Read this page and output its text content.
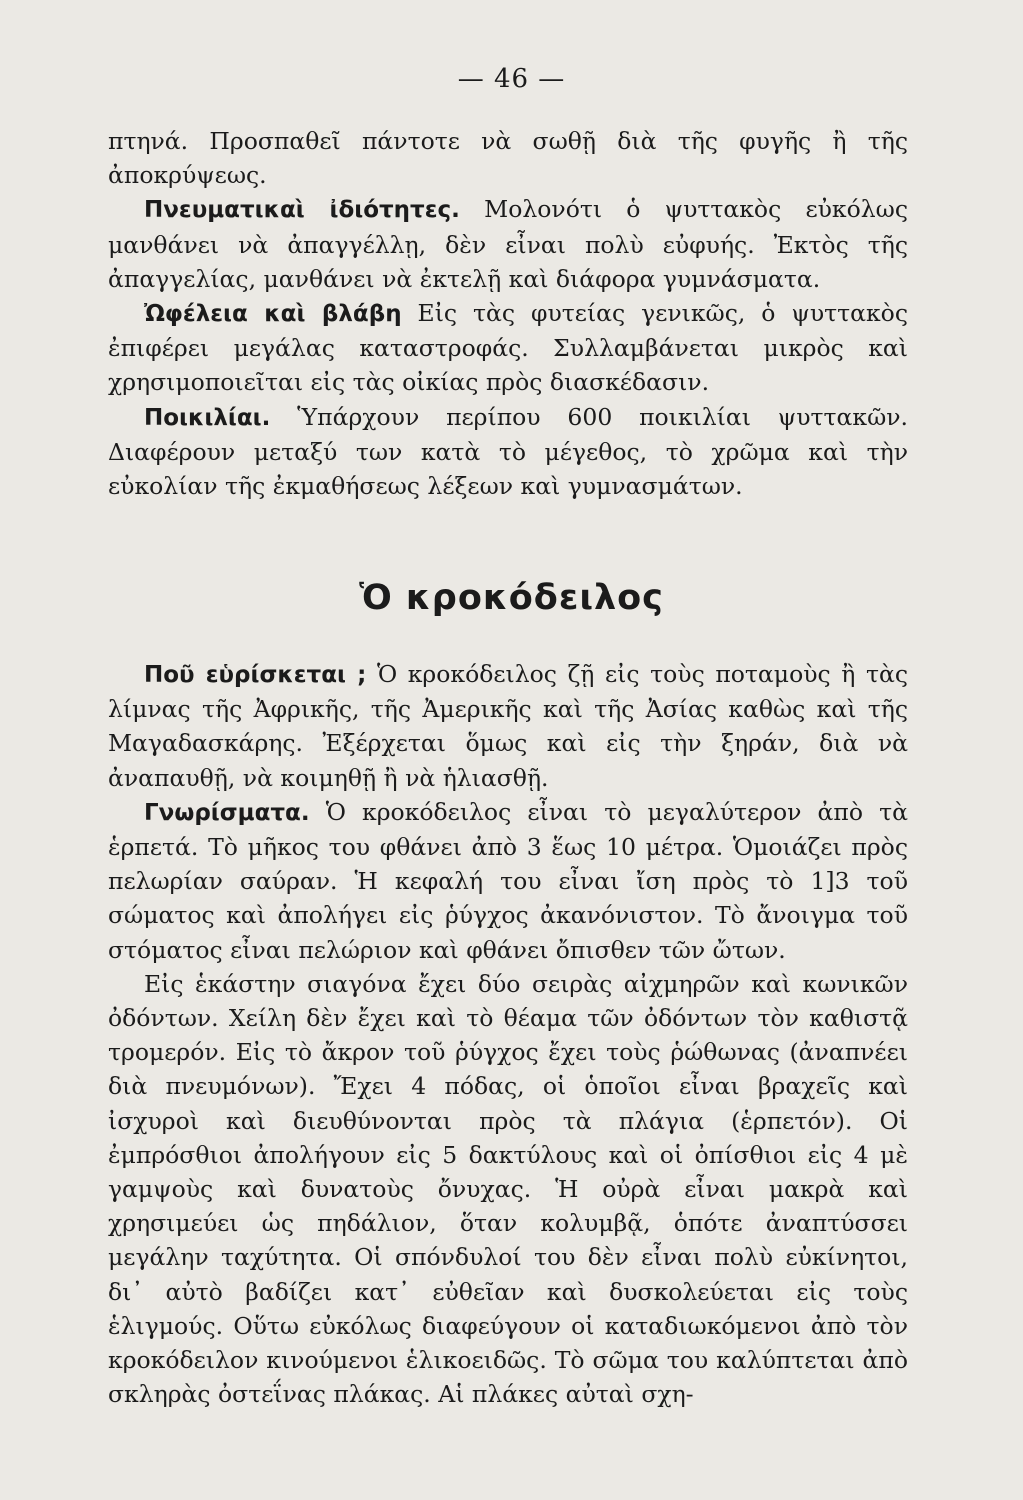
— 46 —

πτηνά. Προσπαθεῖ πάντοτε νὰ σωθῇ διὰ τῆς φυγῆς ἢ τῆς ἀποκρύψεως.

Πνευματικαὶ ἰδιότητες. Μολονότι ὁ ψυττακὸς εὐκόλως μανθάνει νὰ ἀπαγγέλλῃ, δὲν εἶναι πολὺ εὐφυής. Ἐκτὸς τῆς ἀπαγγελίας, μανθάνει νὰ ἐκτελῇ καὶ διάφορα γυμνάσματα.

Ὠφέλεια καὶ βλάβη Εἰς τὰς φυτείας γενικῶς, ὁ ψυττακὸς ἐπιφέρει μεγάλας καταστροφάς. Συλλαμβάνεται μικρὸς καὶ χρησιμοποιεῖται εἰς τὰς οἰκίας πρὸς διασκέδασιν.

Ποικιλίαι. Ὑπάρχουν περίπου 600 ποικιλίαι ψυττακῶν. Διαφέρουν μεταξύ των κατὰ τὸ μέγεθος, τὸ χρῶμα καὶ τὴν εὐκολίαν τῆς ἐκμαθήσεως λέξεων καὶ γυμνασμάτων.

Ὁ κροκόδειλος

Ποῦ εὑρίσκεται ; Ὁ κροκόδειλος ζῇ εἰς τοὺς ποταμοὺς ἢ τὰς λίμνας τῆς Ἀφρικῆς, τῆς Ἀμερικῆς καὶ τῆς Ἀσίας καθὼς καὶ τῆς Μαγαδασκάρης. Ἐξέρχεται ὅμως καὶ εἰς τὴν ξηράν, διὰ νὰ ἀναπαυθῇ, νὰ κοιμηθῇ ἢ νὰ ἡλιασθῇ.

Γνωρίσματα. Ὁ κροκόδειλος εἶναι τὸ μεγαλύτερον ἀπὸ τὰ ἑρπετά. Τὸ μῆκος του φθάνει ἀπὸ 3 ἕως 10 μέτρα. Ὁμοιάζει πρὸς πελωρίαν σαύραν. Ἡ κεφαλή του εἶναι ἴση πρὸς τὸ 1]3 τοῦ σώματος καὶ ἀπολήγει εἰς ῥύγχος ἀκανόνιστον. Τὸ ἄνοιγμα τοῦ στόματος εἶναι πελώριον καὶ φθάνει ὄπισθεν τῶν ὤτων.

Εἰς ἑκάστην σιαγόνα ἔχει δύο σειρὰς αἰχμηρῶν καὶ κωνικῶν ὀδόντων. Χείλη δὲν ἔχει καὶ τὸ θέαμα τῶν ὀδόντων τὸν καθιστᾷ τρομερόν. Εἰς τὸ ἄκρον τοῦ ῥύγχος ἔχει τοὺς ῥώθωνας (ἀναπνέει διὰ πνευμόνων). Ἔχει 4 πόδας, οἱ ὁποῖοι εἶναι βραχεῖς καὶ ἰσχυροὶ καὶ διευθύνονται πρὸς τὰ πλάγια (ἑρπετόν). Οἱ ἐμπρόσθιοι ἀπολήγουν εἰς 5 δακτύλους καὶ οἱ ὀπίσθιοι εἰς 4 μὲ γαμψοὺς καὶ δυνατοὺς ὄνυχας. Ἡ οὐρὰ εἶναι μακρὰ καὶ χρησιμεύει ὡς πηδάλιον, ὅταν κολυμβᾷ, ὁπότε ἀναπτύσσει μεγάλην ταχύτητα. Οἱ σπόνδυλοί του δὲν εἶναι πολὺ εὐκίνητοι, δι᾽ αὐτὸ βαδίζει κατ᾽ εὐθεῖαν καὶ δυσκολεύεται εἰς τοὺς ἑλιγμούς. Οὕτω εὐκόλως διαφεύγουν οἱ καταδιωκόμενοι ἀπὸ τὸν κροκόδειλον κινούμενοι ἑλικοειδῶς. Τὸ σῶμα του καλύπτεται ἀπὸ σκληρὰς ὀστεΐνας πλάκας. Αἱ πλάκες αὐταὶ σχη-
